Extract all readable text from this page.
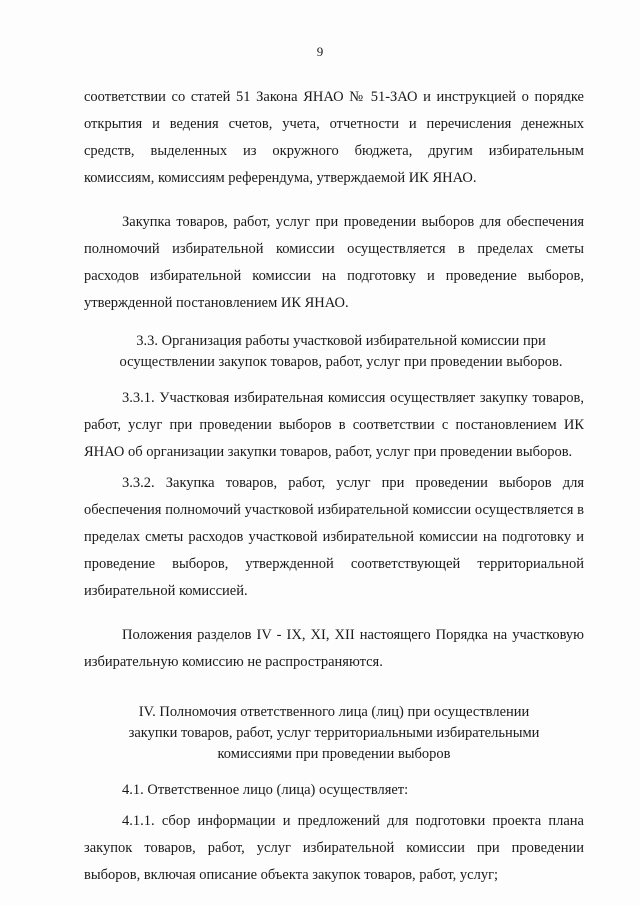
9

соответствии со статей 51 Закона ЯНАО № 51-ЗАО и инструкцией о порядке открытия и ведения счетов, учета, отчетности и перечисления денежных средств, выделенных из окружного бюджета, другим избирательным комиссиям, комиссиям референдума, утверждаемой ИК ЯНАО.

Закупка товаров, работ, услуг при проведении выборов для обеспечения полномочий избирательной комиссии осуществляется в пределах сметы расходов избирательной комиссии на подготовку и проведение выборов, утвержденной постановлением ИК ЯНАО.

3.3. Организация работы участковой избирательной комиссии при осуществлении закупок товаров, работ, услуг при проведении выборов.

3.3.1. Участковая избирательная комиссия осуществляет закупку товаров, работ, услуг при проведении выборов в соответствии с постановлением ИК ЯНАО об организации закупки товаров, работ, услуг при проведении выборов.

3.3.2. Закупка товаров, работ, услуг при проведении выборов для обеспечения полномочий участковой избирательной комиссии осуществляется в пределах сметы расходов участковой избирательной комиссии на подготовку и проведение выборов, утвержденной соответствующей территориальной избирательной комиссией.

Положения разделов IV - IX, XI, XII настоящего Порядка на участковую избирательную комиссию не распространяются.

IV. Полномочия ответственного лица (лиц) при осуществлении закупки товаров, работ, услуг территориальными избирательными комиссиями при проведении выборов

4.1. Ответственное лицо (лица) осуществляет:

4.1.1. сбор информации и предложений для подготовки проекта плана закупок товаров, работ, услуг избирательной комиссии при проведении выборов, включая описание объекта закупок товаров, работ, услуг;
